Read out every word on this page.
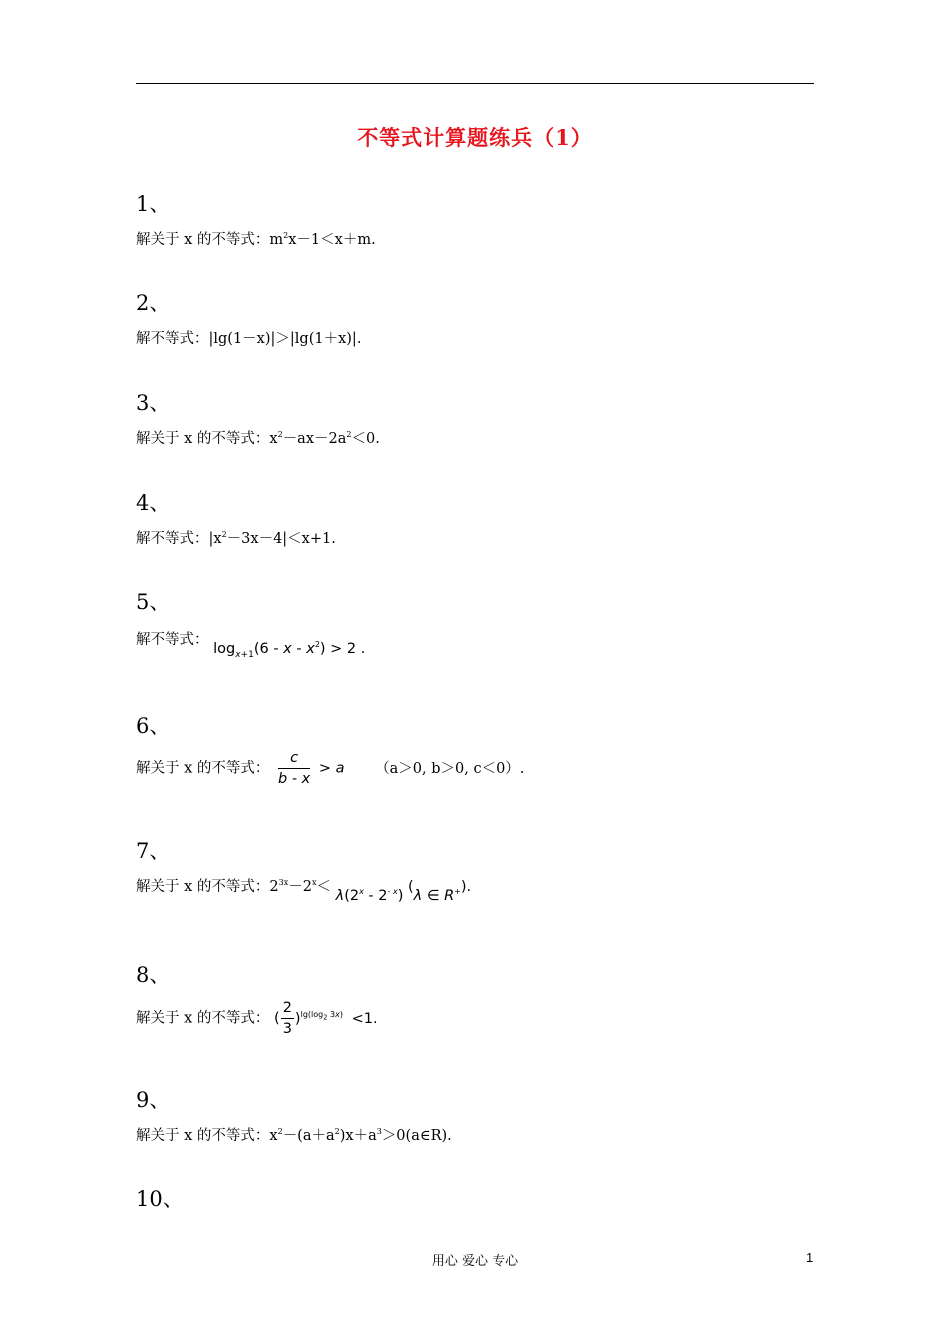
不等式计算题练兵（1）
1、
解关于 x 的不等式：$m^2x-1<x+m$.
2、
解不等式：|lg(1－x)|＞|lg(1＋x)|.
3、
解关于 x 的不等式：$x^2-ax-2a^2<0$.
4、
解不等式：$|x^2-3x-4|<x+1$.
5、
解不等式： $\log_{x+1}(6 - x - x^2) > 2$ .
6、
解关于 x 的不等式： $\frac{c}{b - x} > a$ （a＞0, b＞0, c＜0）.
7、
解关于 x 的不等式：$2^{3x}-2^x< \lambda(2^x - 2^{- x})$ (λ ∈ R+).
8、
解关于 x 的不等式： ( $\frac{2}{3} )^{lg(log_2 3x)} <1$.
9、
解关于 x 的不等式：$x^2-(a+a^2)x+a^3>0(a\in R)$.
10、
用心 爱心 专心	1
